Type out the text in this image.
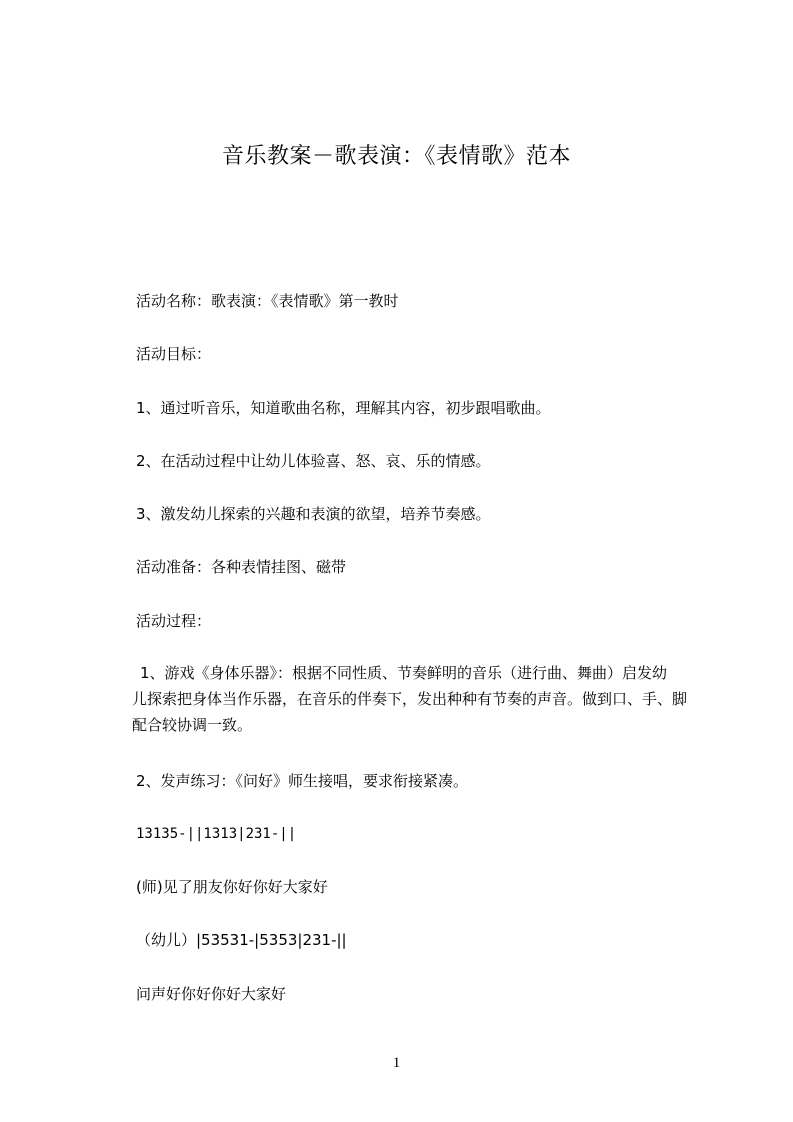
音乐教案－歌表演：《表情歌》范本
活动名称：歌表演：《表情歌》第一教时
活动目标：
1、通过听音乐，知道歌曲名称，理解其内容，初步跟唱歌曲。
2、在活动过程中让幼儿体验喜、怒、哀、乐的情感。
3、激发幼儿探索的兴趣和表演的欲望，培养节奏感。
活动准备：各种表情挂图、磁带
活动过程：
1、游戏《身体乐器》：根据不同性质、节奏鲜明的音乐（进行曲、舞曲）启发幼
儿探索把身体当作乐器，在音乐的伴奏下，发出种种有节奏的声音。做到口、手、脚
配合较协调一致。
2、发声练习：《问好》师生接唱，要求衔接紧凑。
13135-||1313|231-||
(师)见了朋友你好你好大家好
（幼儿）|53531-|5353|231-||
问声好你好你好大家好
1
